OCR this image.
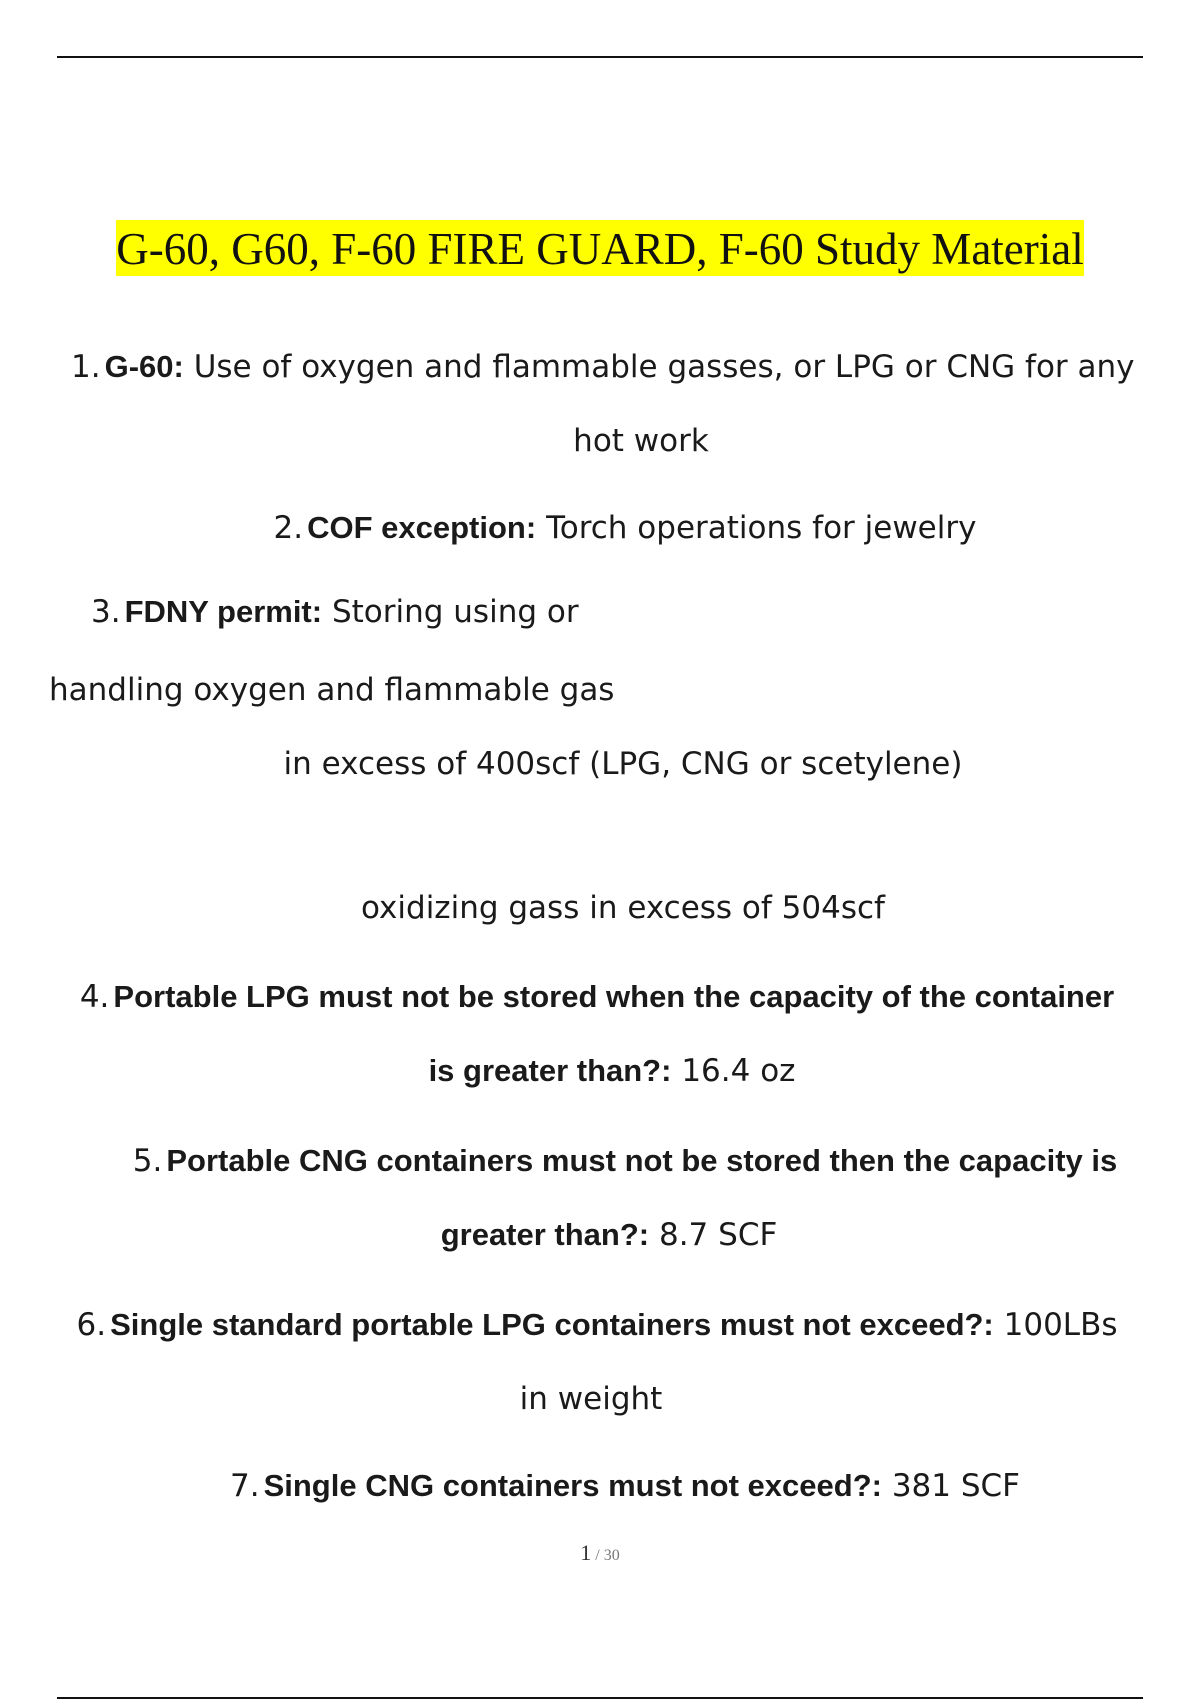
G-60, G60, F-60 FIRE GUARD, F-60 Study Material
1. G-60: Use of oxygen and flammable gasses, or LPG or CNG for any
hot work
2. COF exception: Torch operations for jewelry
3. FDNY permit: Storing using or
handling oxygen and flammable gas
in excess of 400scf (LPG, CNG or scetylene)
oxidizing gass in excess of 504scf
4. Portable LPG must not be stored when the capacity of the container
is greater than?: 16.4 oz
5. Portable CNG containers must not be stored then the capacity is
greater than?: 8.7 SCF
6. Single standard portable LPG containers must not exceed?: 100LBs
in weight
7. Single CNG containers must not exceed?: 381 SCF
1 / 30
